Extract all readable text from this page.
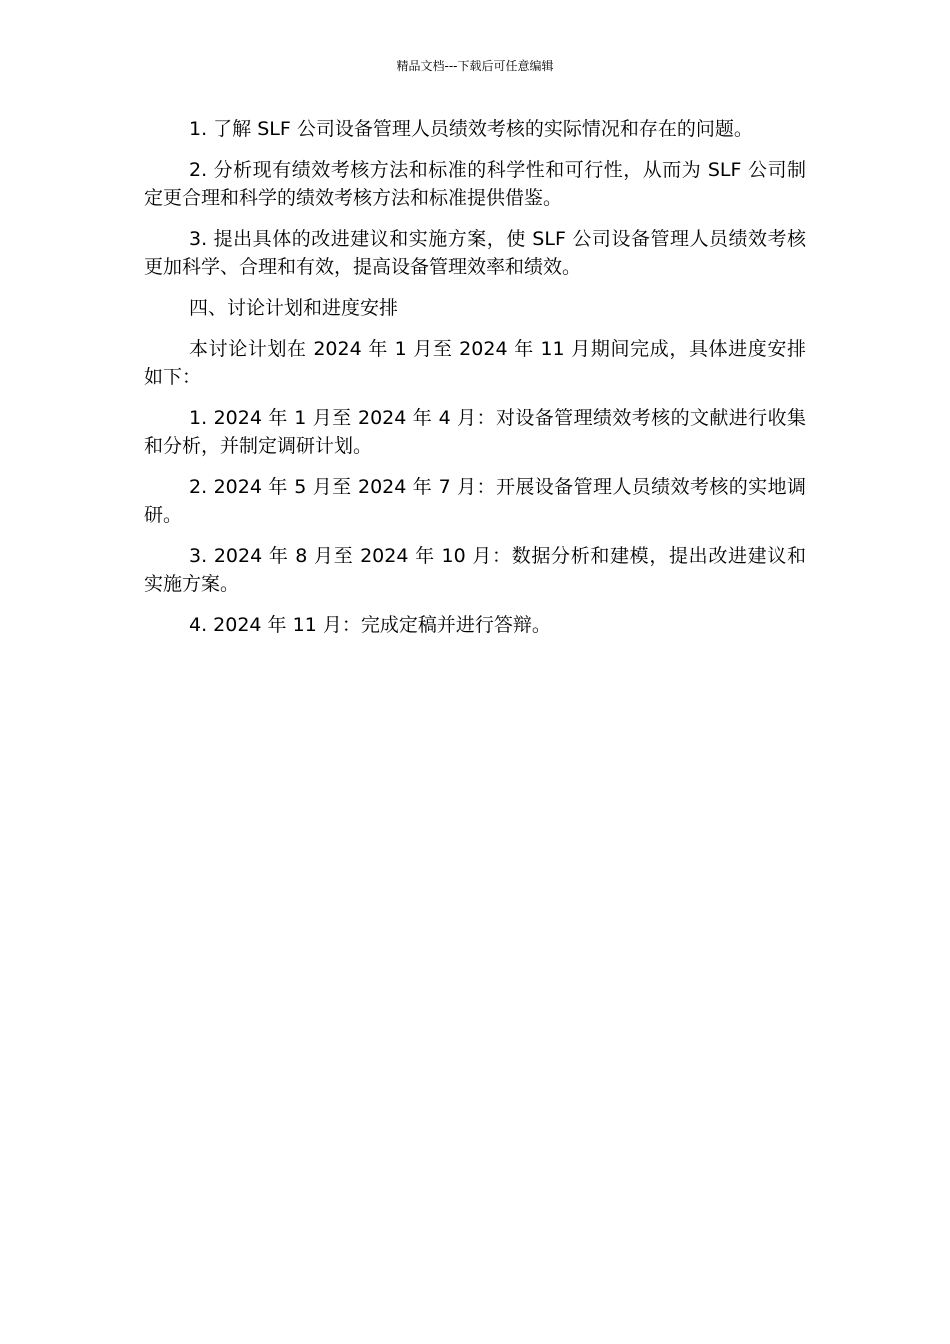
精品文档---下载后可任意编辑

1. 了解 SLF 公司设备管理人员绩效考核的实际情况和存在的问题。

2. 分析现有绩效考核方法和标准的科学性和可行性，从而为 SLF 公司制定更合理和科学的绩效考核方法和标准提供借鉴。

3. 提出具体的改进建议和实施方案，使 SLF 公司设备管理人员绩效考核更加科学、合理和有效，提高设备管理效率和绩效。

四、讨论计划和进度安排

本讨论计划在 2024 年 1 月至 2024 年 11 月期间完成，具体进度安排如下：

1. 2024 年 1 月至 2024 年 4 月：对设备管理绩效考核的文献进行收集和分析，并制定调研计划。

2. 2024 年 5 月至 2024 年 7 月：开展设备管理人员绩效考核的实地调研。

3. 2024 年 8 月至 2024 年 10 月：数据分析和建模，提出改进建议和实施方案。

4. 2024 年 11 月：完成定稿并进行答辩。
